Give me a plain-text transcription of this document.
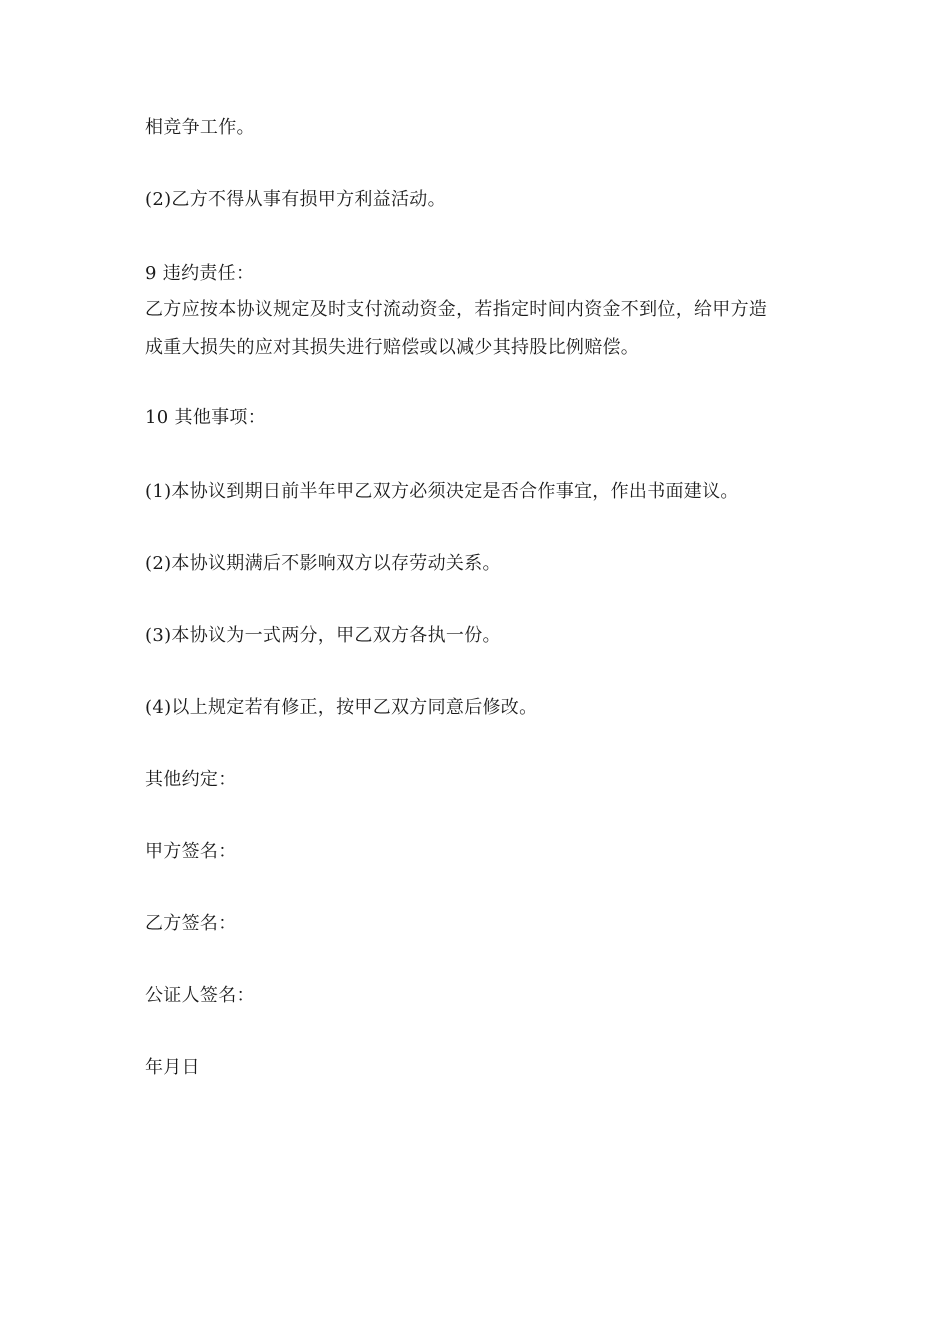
相竞争工作。
(2)乙方不得从事有损甲方利益活动。
9 违约责任：
乙方应按本协议规定及时支付流动资金，若指定时间内资金不到位，给甲方造
成重大损失的应对其损失进行赔偿或以减少其持股比例赔偿。
10 其他事项：
(1)本协议到期日前半年甲乙双方必须决定是否合作事宜，作出书面建议。
(2)本协议期满后不影响双方以存劳动关系。
(3)本协议为一式两分，甲乙双方各执一份。
(4)以上规定若有修正，按甲乙双方同意后修改。
其他约定：
甲方签名：
乙方签名：
公证人签名：
年月日
